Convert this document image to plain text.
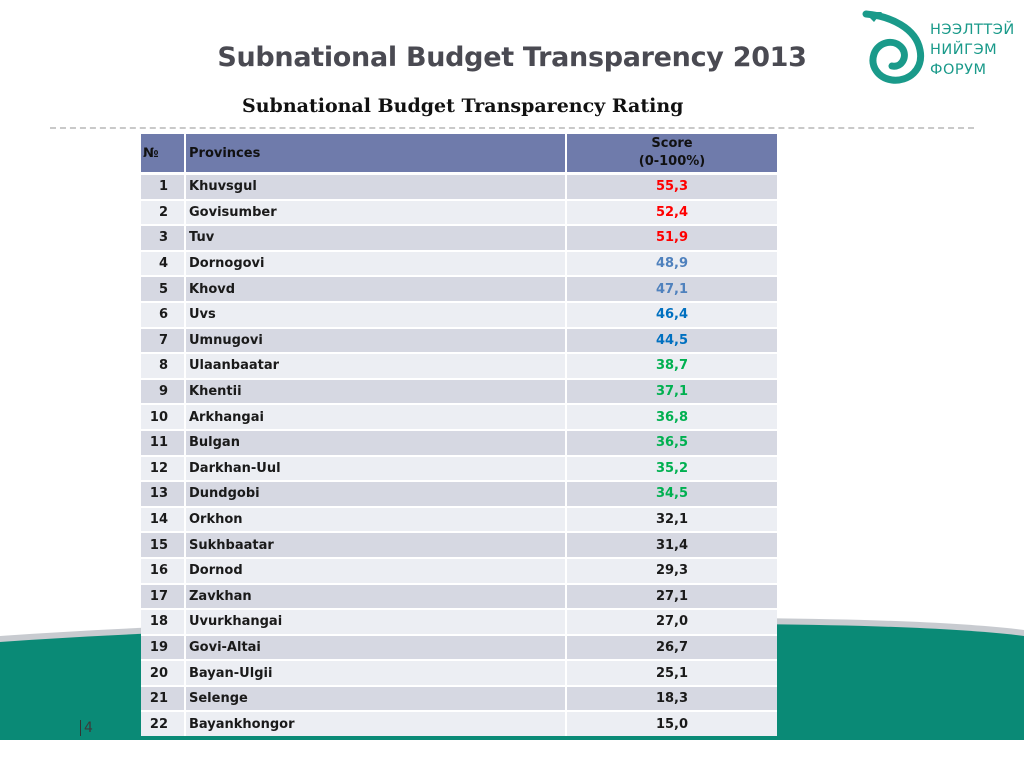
Subnational Budget Transparency 2013
Subnational Budget Transparency Rating
НЭЭЛТТЭЙ
НИЙГЭМ
ФОРУМ
№	Provinces	Score
(0-100%)

1	Khuvsgul	55,3
2	Govisumber	52,4
3	Tuv	51,9
4	Dornogovi	48,9
5	Khovd	47,1
6	Uvs	46,4
7	Umnugovi	44,5
8	Ulaanbaatar	38,7
9	Khentii	37,1
10	Arkhangai	36,8
11	Bulgan	36,5
12	Darkhan-Uul	35,2
13	Dundgobi	34,5
14	Orkhon	32,1
15	Sukhbaatar	31,4
16	Dornod	29,3
17	Zavkhan	27,1
18	Uvurkhangai	27,0
19	Govi-Altai	26,7
20	Bayan-Ulgii	25,1
21	Selenge	18,3
22	Bayankhongor	15,0
4
